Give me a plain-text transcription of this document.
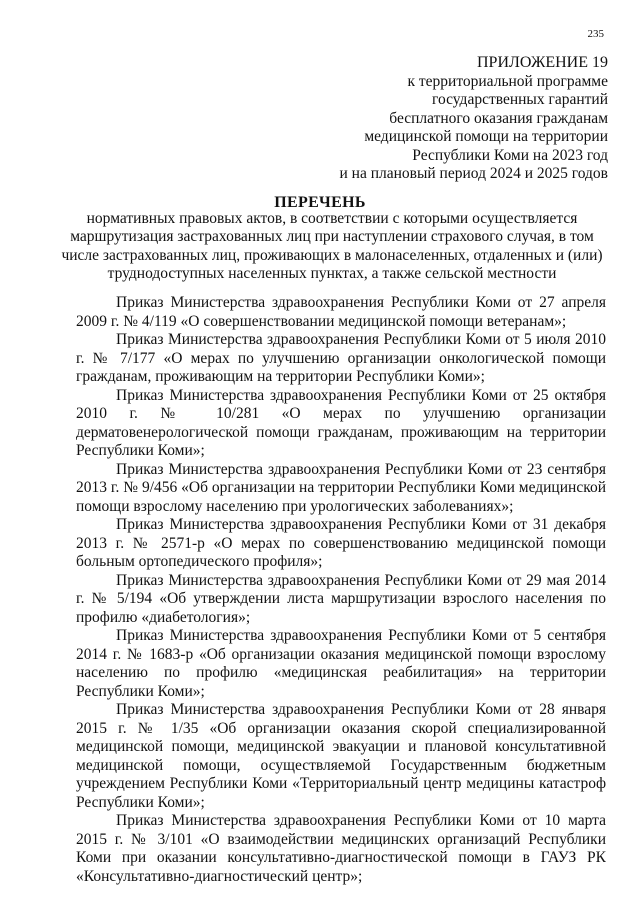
235
ПРИЛОЖЕНИЕ 19
к территориальной программе
государственных гарантий
бесплатного оказания гражданам
медицинской помощи на территории
Республики Коми на 2023 год
и на плановый период 2024 и 2025 годов
ПЕРЕЧЕНЬ
нормативных правовых актов, в соответствии с которыми осуществляется маршрутизация застрахованных лиц при наступлении страхового случая, в том числе застрахованных лиц, проживающих в малонаселенных, отдаленных и (или) труднодоступных населенных пунктах, а также сельской местности

Приказ Министерства здравоохранения Республики Коми от 27 апреля 2009 г. № 4/119 «О совершенствовании медицинской помощи ветеранам»;

Приказ Министерства здравоохранения Республики Коми от 5 июля 2010 г. № 7/177 «О мерах по улучшению организации онкологической помощи гражданам, проживающим на территории Республики Коми»;

Приказ Министерства здравоохранения Республики Коми от 25 октября 2010 г. № 10/281 «О мерах по улучшению организации дерматовенерологической помощи гражданам, проживающим на территории Республики Коми»;

Приказ Министерства здравоохранения Республики Коми от 23 сентября 2013 г. № 9/456 «Об организации на территории Республики Коми медицинской помощи взрослому населению при урологических заболеваниях»;

Приказ Министерства здравоохранения Республики Коми от 31 декабря 2013 г. № 2571-р «О мерах по совершенствованию медицинской помощи больным ортопедического профиля»;

Приказ Министерства здравоохранения Республики Коми от 29 мая 2014 г. № 5/194 «Об утверждении листа маршрутизации взрослого населения по профилю «диабетология»;

Приказ Министерства здравоохранения Республики Коми от 5 сентября 2014 г. № 1683-р «Об организации оказания медицинской помощи взрослому населению по профилю «медицинская реабилитация» на территории Республики Коми»;

Приказ Министерства здравоохранения Республики Коми от 28 января 2015 г. № 1/35 «Об организации оказания скорой специализированной медицинской помощи, медицинской эвакуации и плановой консультативной медицинской помощи, осуществляемой Государственным бюджетным учреждением Республики Коми «Территориальный центр медицины катастроф Республики Коми»;

Приказ Министерства здравоохранения Республики Коми от 10 марта 2015 г. № 3/101 «О взаимодействии медицинских организаций Республики Коми при оказании консультативно-диагностической помощи в ГАУЗ РК «Консультативно-диагностический центр»;
